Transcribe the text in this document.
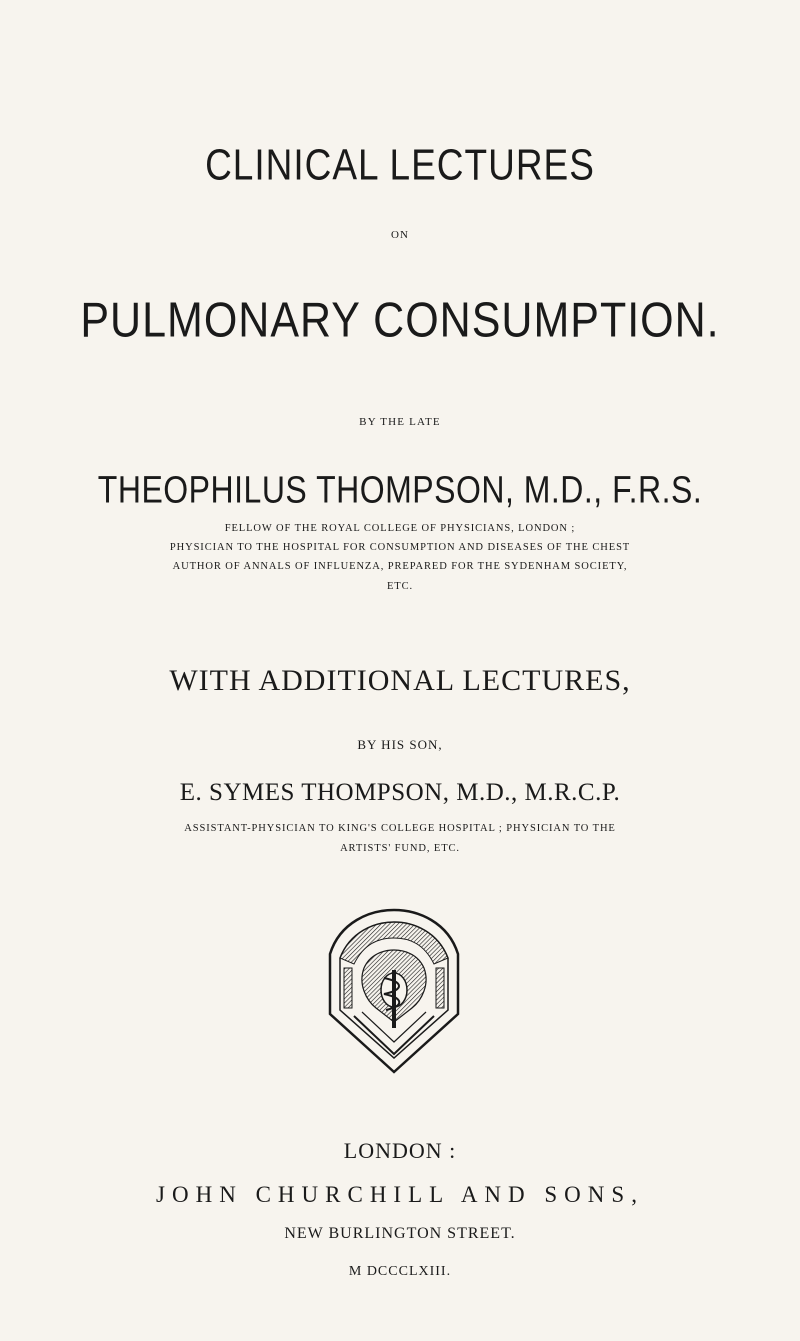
CLINICAL LECTURES
ON
PULMONARY CONSUMPTION.
BY THE LATE
THEOPHILUS THOMPSON, M.D., F.R.S.
FELLOW OF THE ROYAL COLLEGE OF PHYSICIANS, LONDON ;
PHYSICIAN TO THE HOSPITAL FOR CONSUMPTION AND DISEASES OF THE CHEST
AUTHOR OF ANNALS OF INFLUENZA, PREPARED FOR THE SYDENHAM SOCIETY,
ETC.
WITH ADDITIONAL LECTURES,
BY HIS SON,
E. SYMES THOMPSON, M.D., M.R.C.P.
ASSISTANT-PHYSICIAN TO KING'S COLLEGE HOSPITAL ; PHYSICIAN TO THE
ARTISTS' FUND, ETC.
LONDON :
JOHN CHURCHILL AND SONS,
NEW BURLINGTON STREET.
M DCCCLXIII.
